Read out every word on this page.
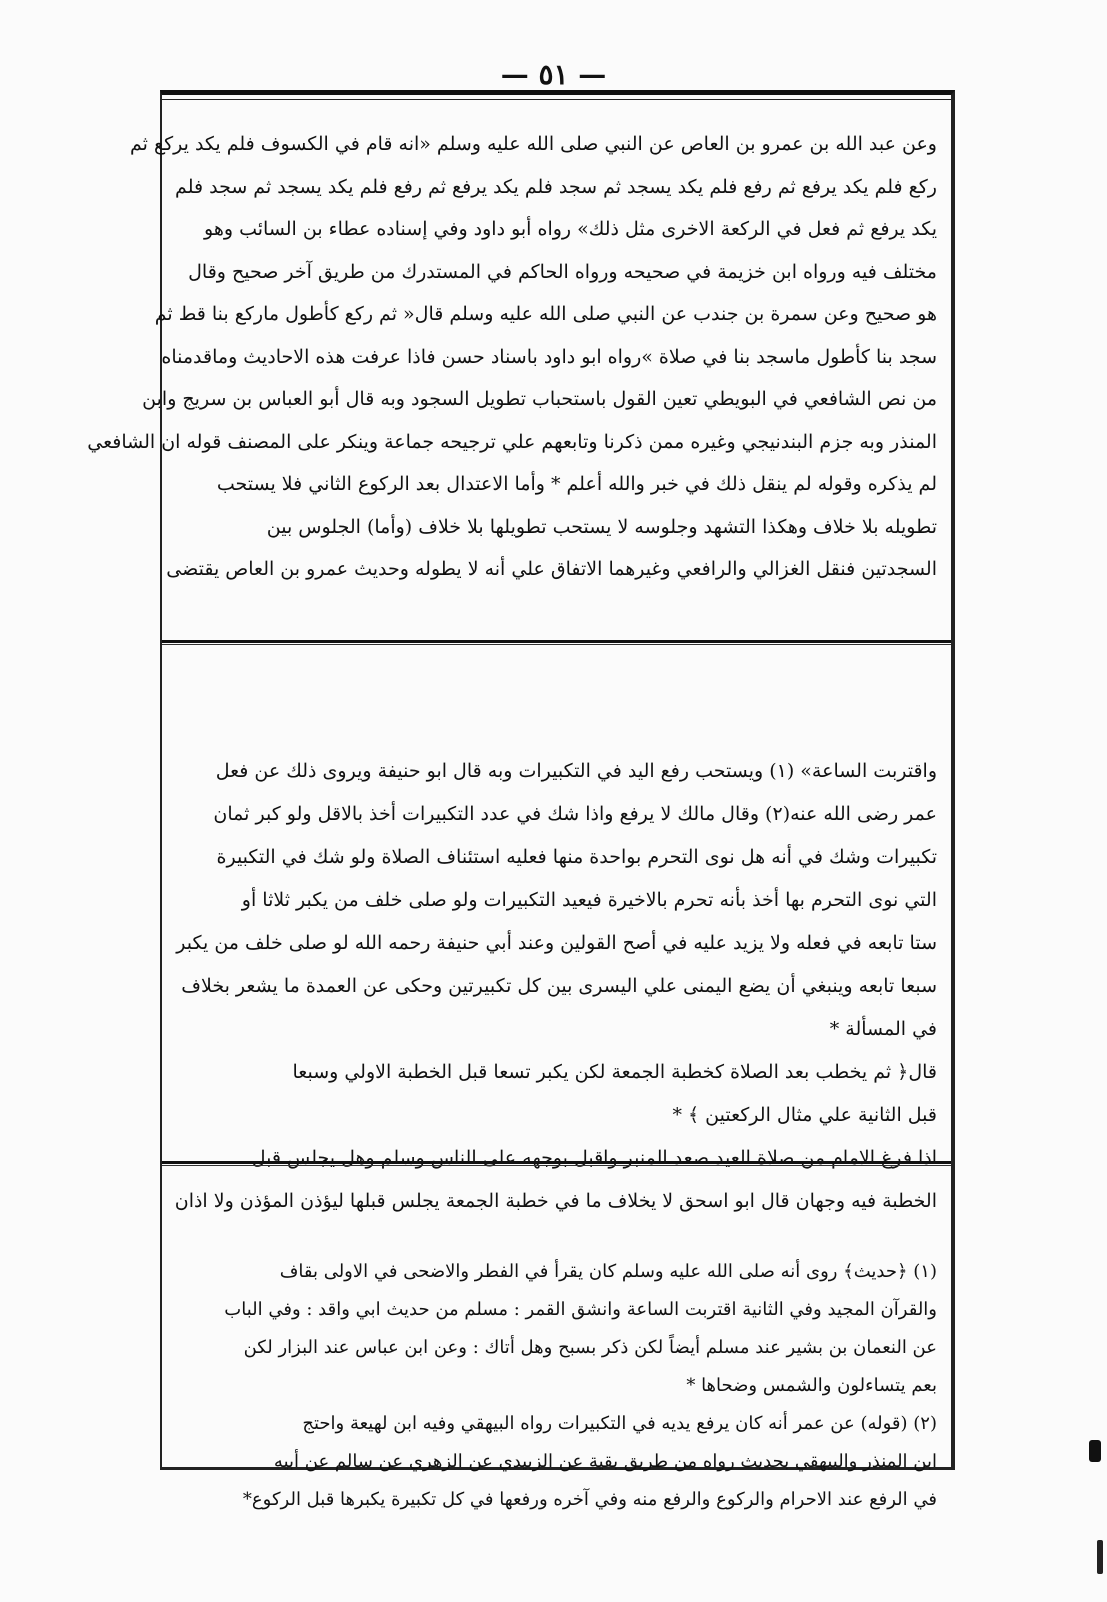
— ٥١ —
وعن عبد الله بن عمرو بن العاص عن النبي صلى الله عليه وسلم «انه قام في الكسوف فلم يكد يركع ثم
ركع فلم يكد يرفع ثم رفع فلم يكد يسجد ثم سجد فلم يكد يرفع ثم رفع فلم يكد يسجد ثم سجد فلم
يكد يرفع ثم فعل في الركعة الاخرى مثل ذلك» رواه أبو داود وفي إسناده عطاء بن السائب وهو
مختلف فيه ورواه ابن خزيمة في صحيحه ورواه الحاكم في المستدرك من طريق آخر صحيح وقال
هو صحيح وعن سمرة بن جندب عن النبي صلى الله عليه وسلم قال« ثم ركع كأطول ماركع بنا قط ثم
سجد بنا كأطول ماسجد بنا في صلاة »رواه ابو داود باسناد حسن فاذا عرفت هذه الاحاديث وماقدمناه
من نص الشافعي في البويطي تعين القول باستحباب تطويل السجود وبه قال أبو العباس بن سريج وابن
المنذر وبه جزم البندنيجي وغيره ممن ذكرنا وتابعهم علي ترجيحه جماعة وينكر على المصنف قوله ان الشافعي
لم يذكره وقوله لم ينقل ذلك في خبر والله أعلم * وأما الاعتدال بعد الركوع الثاني فلا يستحب
تطويله بلا خلاف وهكذا التشهد وجلوسه لا يستحب تطويلها بلا خلاف (وأما) الجلوس بين
السجدتين فنقل الغزالي والرافعي وغيرهما الاتفاق علي أنه لا يطوله وحديث عمرو بن العاص يقتضى
واقتربت الساعة» (١) ويستحب رفع اليد في التكبيرات وبه قال ابو حنيفة ويروى ذلك عن فعل
عمر رضى الله عنه(٢) وقال مالك لا يرفع واذا شك في عدد التكبيرات أخذ بالاقل ولو كبر ثمان
تكبيرات وشك في أنه هل نوى التحرم بواحدة منها فعليه استئناف الصلاة ولو شك في التكبيرة
التي نوى التحرم بها أخذ بأنه تحرم بالاخيرة فيعيد التكبيرات ولو صلى خلف من يكبر ثلاثا أو
ستا تابعه في فعله ولا يزيد عليه في أصح القولين وعند أبي حنيفة رحمه الله لو صلى خلف من يكبر
سبعا تابعه وينبغي أن يضع اليمنى علي اليسرى بين كل تكبيرتين وحكى عن العمدة ما يشعر بخلاف
في المسألة *
قال﴿ ثم يخطب بعد الصلاة كخطبة الجمعة لكن يكبر تسعا قبل الخطبة الاولي وسبعا
قبل الثانية علي مثال الركعتين ﴾ *
اذا فرغ الامام من صلاة العيد صعد المنبر واقبل بوجهه على الناس وسلم وهل يجلس قبل
الخطبة فيه وجهان قال ابو اسحق لا يخلاف ما في خطبة الجمعة يجلس قبلها ليؤذن المؤذن ولا اذان
(١) ﴿حديث﴾ روى أنه صلى الله عليه وسلم كان يقرأ في الفطر والاضحى في الاولى بقاف
والقرآن المجيد وفي الثانية اقتربت الساعة وانشق القمر : مسلم من حديث ابي واقد : وفي الباب
عن النعمان بن بشير عند مسلم أيضاً لكن ذكر بسبح وهل أتاك : وعن ابن عباس عند البزار لكن
بعم يتساءلون والشمس وضحاها *
(٢) (قوله) عن عمر أنه كان يرفع يديه في التكبيرات رواه البيهقي وفيه ابن لهيعة واحتج
ابن المنذر والبيهقي بحديث رواه من طريق بقية عن الزبيدي عن الزهري عن سالم عن أبيه
في الرفع عند الاحرام والركوع والرفع منه وفي آخره ورفعها في كل تكبيرة يكبرها قبل الركوع*
